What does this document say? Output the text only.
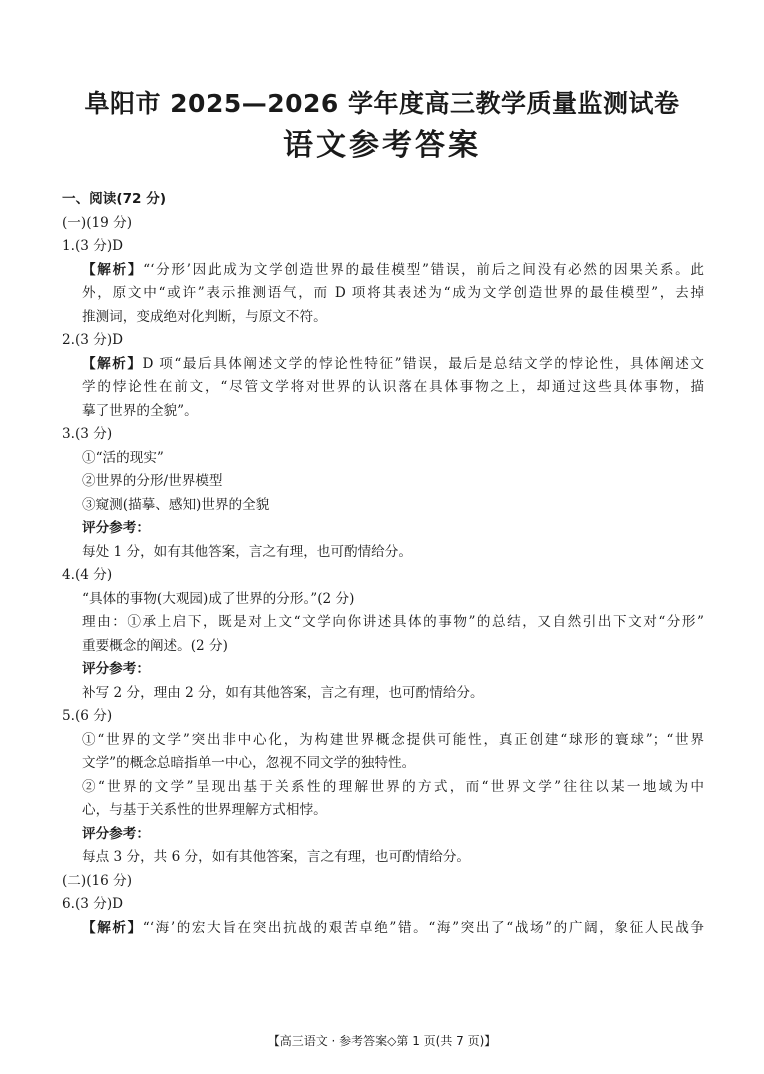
阜阳市 2025—2026 学年度高三教学质量监测试卷
语文参考答案

一、阅读(72 分)

(一)(19 分)

1.(3 分)D

【解析】“‘分形’因此成为文学创造世界的最佳模型”错误，前后之间没有必然的因果关系。此

外，原文中“或许”表示推测语气，而 D 项将其表述为“成为文学创造世界的最佳模型”，去掉

推测词，变成绝对化判断，与原文不符。

2.(3 分)D

【解析】D 项“最后具体阐述文学的悖论性特征”错误，最后是总结文学的悖论性，具体阐述文

学的悖论性在前文，“尽管文学将对世界的认识落在具体事物之上，却通过这些具体事物，描

摹了世界的全貌”。

3.(3 分)

①“活的现实”

②世界的分形/世界模型

③窥测(描摹、感知)世界的全貌

评分参考：

每处 1 分，如有其他答案，言之有理，也可酌情给分。

4.(4 分)

“具体的事物(大观园)成了世界的分形。”(2 分)

理由：①承上启下，既是对上文“文学向你讲述具体的事物”的总结，又自然引出下文对“分形”

重要概念的阐述。(2 分)

评分参考：

补写 2 分，理由 2 分，如有其他答案，言之有理，也可酌情给分。

5.(6 分)

①“世界的文学”突出非中心化，为构建世界概念提供可能性，真正创建“球形的寰球”；“世界

文学”的概念总暗指单一中心，忽视不同文学的独特性。

②“世界的文学”呈现出基于关系性的理解世界的方式，而“世界文学”往往以某一地域为中

心，与基于关系性的世界理解方式相悖。

评分参考：

每点 3 分，共 6 分，如有其他答案，言之有理，也可酌情给分。

(二)(16 分)

6.(3 分)D

【解析】“‘海’的宏大旨在突出抗战的艰苦卓绝”错。“海”突出了“战场”的广阔，象征人民战争

【高三语文 · 参考答案◇第 1 页(共 7 页)】
